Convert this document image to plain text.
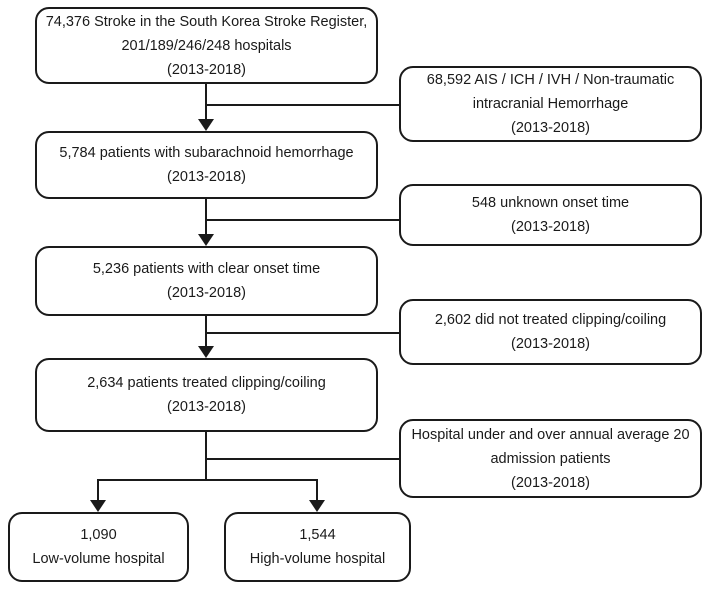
74,376 Stroke in the South Korea Stroke Register,
201/189/246/248 hospitals
(2013-2018)
5,784 patients with subarachnoid hemorrhage
(2013-2018)
5,236 patients with clear onset time
(2013-2018)
2,634 patients treated clipping/coiling
(2013-2018)
68,592 AIS / ICH / IVH / Non-traumatic
intracranial Hemorrhage
(2013-2018)
548 unknown onset time
(2013-2018)
2,602 did not treated clipping/coiling
(2013-2018)
Hospital under and over annual average 20
admission patients
(2013-2018)
1,090
Low-volume hospital
1,544
High-volume hospital
